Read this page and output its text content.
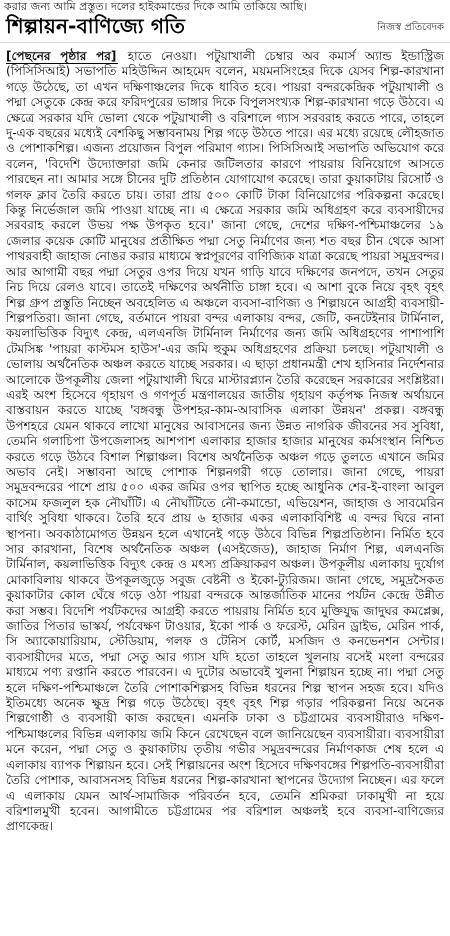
করার জন্য আমি প্রস্তুত। দলের হাইকমান্ডের দিকে আমি তাকিয়ে আছি।
শিল্পায়ন-বাণিজ্যে গতি	নিজস্ব প্রতিবেদক
[পেছনের পৃষ্ঠার পর] হাতে নেওয়া। পটুয়াখালী চেম্বার অব কমার্স অ্যান্ড ইন্ডাস্ট্রিজ (পিসিসিআই) সভাপতি মহিউদ্দিন আহমেদ বলেন, ময়মনসিংহের দিকে যেসব শিল্প-কারখানা গড়ে উঠেছে, তা এখন দক্ষিণাঞ্চলের দিকে ধাবিত হবে। পায়রা বন্দরকেন্দ্রিক পটুয়াখালী ও পদ্মা সেতুকে কেন্দ্র করে ফরিদপুরের ভাঙ্গার দিকে বিপুলসংখ্যক শিল্প-কারখানা গড়ে উঠবে। এ ক্ষেত্রে সরকার যদি ভোলা থেকে পটুয়াখালী ও বরিশালে গ্যাস সরবরাহ করতে পারে, তাহলে দু-এক বছরের মধ্যেই বেশকিছু সম্ভাবনাময় শিল্প গড়ে উঠতে পারে। এর মধ্যে রয়েছে লৌহজাত ও পোশাকশিল্প। এজন্য প্রয়োজন বিপুল পরিমাণ গ্যাস। পিসিসিআই সভাপতি অভিযোগ করে বলেন, 'বিদেশি উদ্যোক্তারা জমি কেনার জটিলতার কারণে পায়রায় বিনিয়োগে আসতে পারছেন না। আমার সঙ্গে চীনের দুটি প্রতিষ্ঠান যোগাযোগ করেছে। তারা কুয়াকাটায় রিসোর্ট ও গলফ ক্লাব তৈরি করতে চায়। তারা প্রায় ৫০০ কোটি টাকা বিনিয়োগের পরিকল্পনা করেছে। কিন্তু নির্ভেজাল জমি পাওয়া যাচ্ছে না। এ ক্ষেত্রে সরকার জমি অধিগ্রহণ করে ব্যবসায়ীদের সরবরাহ করলে উভয় পক্ষ উপকৃত হবে।' জানা গেছে, দেশের দক্ষিণ-পশ্চিমাঞ্চলের ১৯ জেলার কয়েক কোটি মানুষের প্রতীক্ষিত পদ্মা সেতু নির্মাণের জন্য শত বছর চীন থেকে আসা পাথরবাহী জাহাজ নোঙর করার মাধ্যমে স্বপ্নপূরণের বাণিজ্যিক যাত্রা করেছে পায়রা সমুদ্রবন্দর। আর আগামী বছর পদ্মা সেতুর ওপর দিয়ে যখন গাড়ি যাবে দক্ষিণের জনপদে, তখন সেতুর নিচ দিয়ে রেলও যাবে। তাতেই দক্ষিণের অর্থনীতি চাঙ্গা হবে। এ আশা বুকে নিয়ে বৃহৎ বৃহৎ শিল্প গ্রুপ প্রস্তুতি নিচ্ছেন অবহেলিত এ অঞ্চলে ব্যবসা-বাণিজ্য ও শিল্পায়নে আগ্রহী ব্যবসায়ী-শিল্পপতিরা। জানা গেছে, বর্তমানে পায়রা বন্দর এলাকায় বন্দর, জেটি, কনটেইনার টার্মিনাল, কয়লাভিত্তিক বিদ্যুৎ কেন্দ্র, এলএনজি টার্মিনাল নির্মাণের জন্য জমি অধিগ্রহণের পাশাপাশি টেমসিঙ্ক 'পায়রা কাস্টমস হাউস'-এর জমি হুকুম অধিগ্রহণের প্রক্রিয়া চলছে। পটুয়াখালী ও ভোলায় অর্থনৈতিক অঞ্চল করতে যাচ্ছে সরকার। এ ছাড়া প্রধানমন্ত্রী শেখ হাসিনার নির্দেশনার আলোকে উপকূলীয় জেলা পটুয়াখালী ঘিরে মাস্টারপ্ল্যান তৈরি করেছেন সরকারের সংশ্লিষ্টরা। এরই অংশ হিসেবে গৃহায়ণ ও গণপূর্ত মন্ত্রণালয়ের জাতীয় গৃহায়ণ কর্তৃপক্ষ নিজস্ব অর্থায়নে বাস্তবায়ন করতে যাচ্ছে 'বঙ্গবন্ধু উপশহর-কাম-আবাসিক এলাকা উন্নয়ন' প্রকল্প। বঙ্গবন্ধু উপশহরে যেমন থাকবে লাখো মানুষের আবাসনের জন্য উন্নত নাগরিক জীবনের সব সুবিধা, তেমনি গলাচিপা উপজেলাসহ আশপাশ এলাকার হাজার হাজার মানুষের কর্মসংস্থান নিশ্চিত করতে গড়ে উঠবে বিশাল শিল্পাঞ্চল। বিশেষ অর্থনৈতিক অঞ্চল গড়ে তুলতে এখানে জমির অভাব নেই। সম্ভাবনা আছে পোশাক শিল্পনগরী গড়ে তোলার। জানা গেছে, পায়রা সমুদ্রবন্দরের পাশে প্রায় ৫০০ একর জমির ওপর স্থাপিত হচ্ছে আধুনিক শের-ই-বাংলা আবুল কাসেম ফজলুল হক নৌঘাঁটি। এ নৌঘাঁটিতে নৌ-কমান্ডো, এভিয়েশন, জাহাজ ও সাবমেরিন বার্থিং সুবিধা থাকবে। তৈরি হবে প্রায় ৬ হাজার একর এলাকাবিশিষ্ট এ বন্দর ঘিরে নানা স্থাপনা। অবকাঠামোগত উন্নয়ন হলে এখানেই গড়ে উঠবে বিভিন্ন শিল্পপ্রতিষ্ঠান। নির্মিত হবে সার কারখানা, বিশেষ অর্থনৈতিক অঞ্চল (এসইজেড), জাহাজ নির্মাণ শিল্প, এলএনজি টার্মিনাল, কয়লাভিত্তিক বিদ্যুৎ কেন্দ্র ও মৎস্য প্রক্রিয়াকরণ অঞ্চল। উপকূলীয় এলাকায় দুর্যোগ মোকাবিলায় থাকবে উপকূলজুড়ে সবুজ বেষ্টনী ও ইকো-ট্যুরিজম। জানা গেছে, সমুদ্রসৈকত কুয়াকাটার কোল ঘেঁষে গড়ে ওঠা পায়রা বন্দরকে আন্তর্জাতিক মানের পর্যটন কেন্দ্রে উন্নীত করা সম্ভব। বিদেশি পর্যটকদের আগ্রহী করতে পায়রায় নির্মিত হবে মুক্তিযুদ্ধ জাদুঘর কমপ্লেক্স, জাতির পিতার ভাস্কর্য, পর্যবেক্ষণ টাওয়ার, ইকো পার্ক ও ফরেস্ট, মেরিন ড্রাইভ, মেরিন পার্ক, সি অ্যাকোয়ারিয়াম, স্টেডিয়াম, গলফ ও টেনিস কোর্ট, মসজিদ ও কনভেনশন সেন্টার। ব্যবসায়ীদের মতে, পদ্মা সেতু আর গ্যাস যদি হতো তাহলে খুলনায় বসেই মংলা বন্দরের মাধ্যমে পণ্য রপ্তানি করতে পারবেন। এ দুটোর অভাবেই খুলনা শিল্পায়ন হচ্ছে না। পদ্মা সেতু হলে দক্ষিণ-পশ্চিমাঞ্চলে তৈরি পোশাকশিল্পসহ বিভিন্ন ধরনের শিল্প স্থাপন সহজ হবে। যদিও ইতিমধ্যে অনেক ক্ষুদ্র শিল্প গড়ে উঠেছে। বৃহৎ বৃহৎ শিল্প গড়ার পরিকল্পনা নিয়ে অনেক শিল্পগোষ্ঠী ও ব্যবসায়ী কাজ করছেন। এমনকি ঢাকা ও চট্টগ্রামের ব্যবসায়ীরাও দক্ষিণ-পশ্চিমাঞ্চলের বিভিন্ন এলাকায় জমি কিনে রেখেছেন বলে জানিয়েছেন ব্যবসায়ীরা। ব্যবসায়ীরা মনে করেন, পদ্মা সেতু ও কুয়াকাটায় তৃতীয় গভীর সমুদ্রবন্দরের নির্মাণকাজ শেষ হলে এ এলাকায় ব্যাপক শিল্পায়ন হবে। সেই শিল্পায়নের অংশ হিসেবে দক্ষিণবঙ্গের শিল্পপতি-ব্যবসায়ীরা তৈরি পোশাক, আবাসনসহ বিভিন্ন ধরনের শিল্প-কারখানা স্থাপনের উদ্যোগ নিচ্ছেন। এর ফলে এ এলাকায় যেমন আর্থ-সামাজিক পরিবর্তন হবে, তেমনি শ্রমিকরা ঢাকামুখী না হয়ে বরিশালমুখী হবেন। আগামীতে চট্টগ্রামের পর বরিশাল অঞ্চলই হবে ব্যবসা-বাণিজ্যের প্রাণকেন্দ্র।
